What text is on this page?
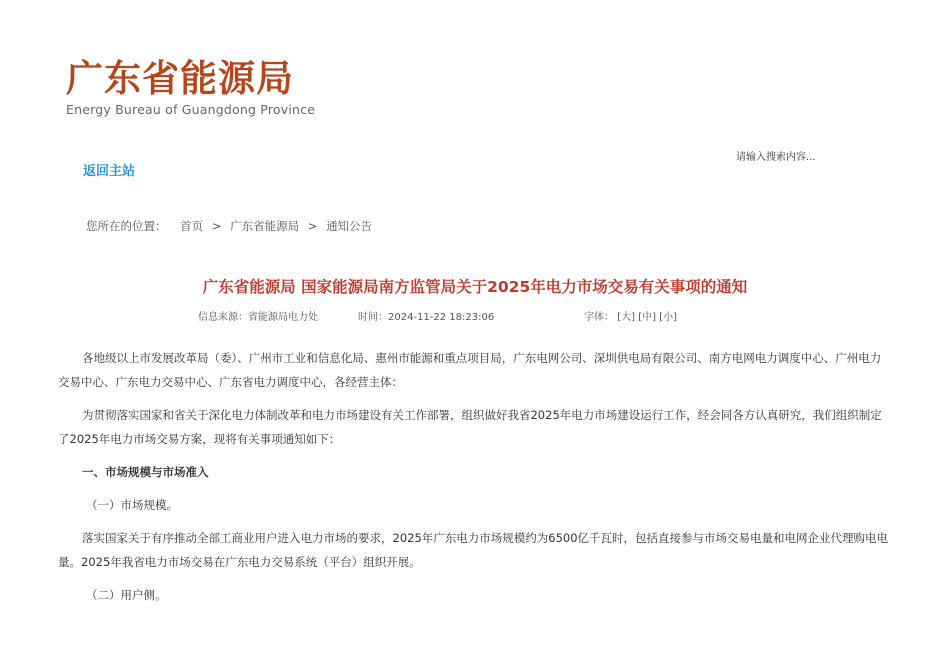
广东省能源局
Energy Bureau of Guangdong Province
返回主站
请输入搜索内容...
您所在的位置： 首页 > 广东省能源局 > 通知公告
广东省能源局 国家能源局南方监管局关于2025年电力市场交易有关事项的通知
信息来源：省能源局电力处	时间：2024-11-22 18:23:06	字体： [大] [中] [小]

各地级以上市发展改革局（委）、广州市工业和信息化局、惠州市能源和重点项目局，广东电网公司、深圳供电局有限公司、南方电网电力调度中心、广州电力交易中心、广东电力交易中心、广东省电力调度中心，各经营主体：

为贯彻落实国家和省关于深化电力体制改革和电力市场建设有关工作部署，组织做好我省2025年电力市场建设运行工作，经会同各方认真研究，我们组织制定了2025年电力市场交易方案，现将有关事项通知如下：

一、市场规模与市场准入

（一）市场规模。

落实国家关于有序推动全部工商业用户进入电力市场的要求，2025年广东电力市场规模约为6500亿千瓦时，包括直接参与市场交易电量和电网企业代理购电电量。2025年我省电力市场交易在广东电力交易系统（平台）组织开展。

（二）用户侧。
